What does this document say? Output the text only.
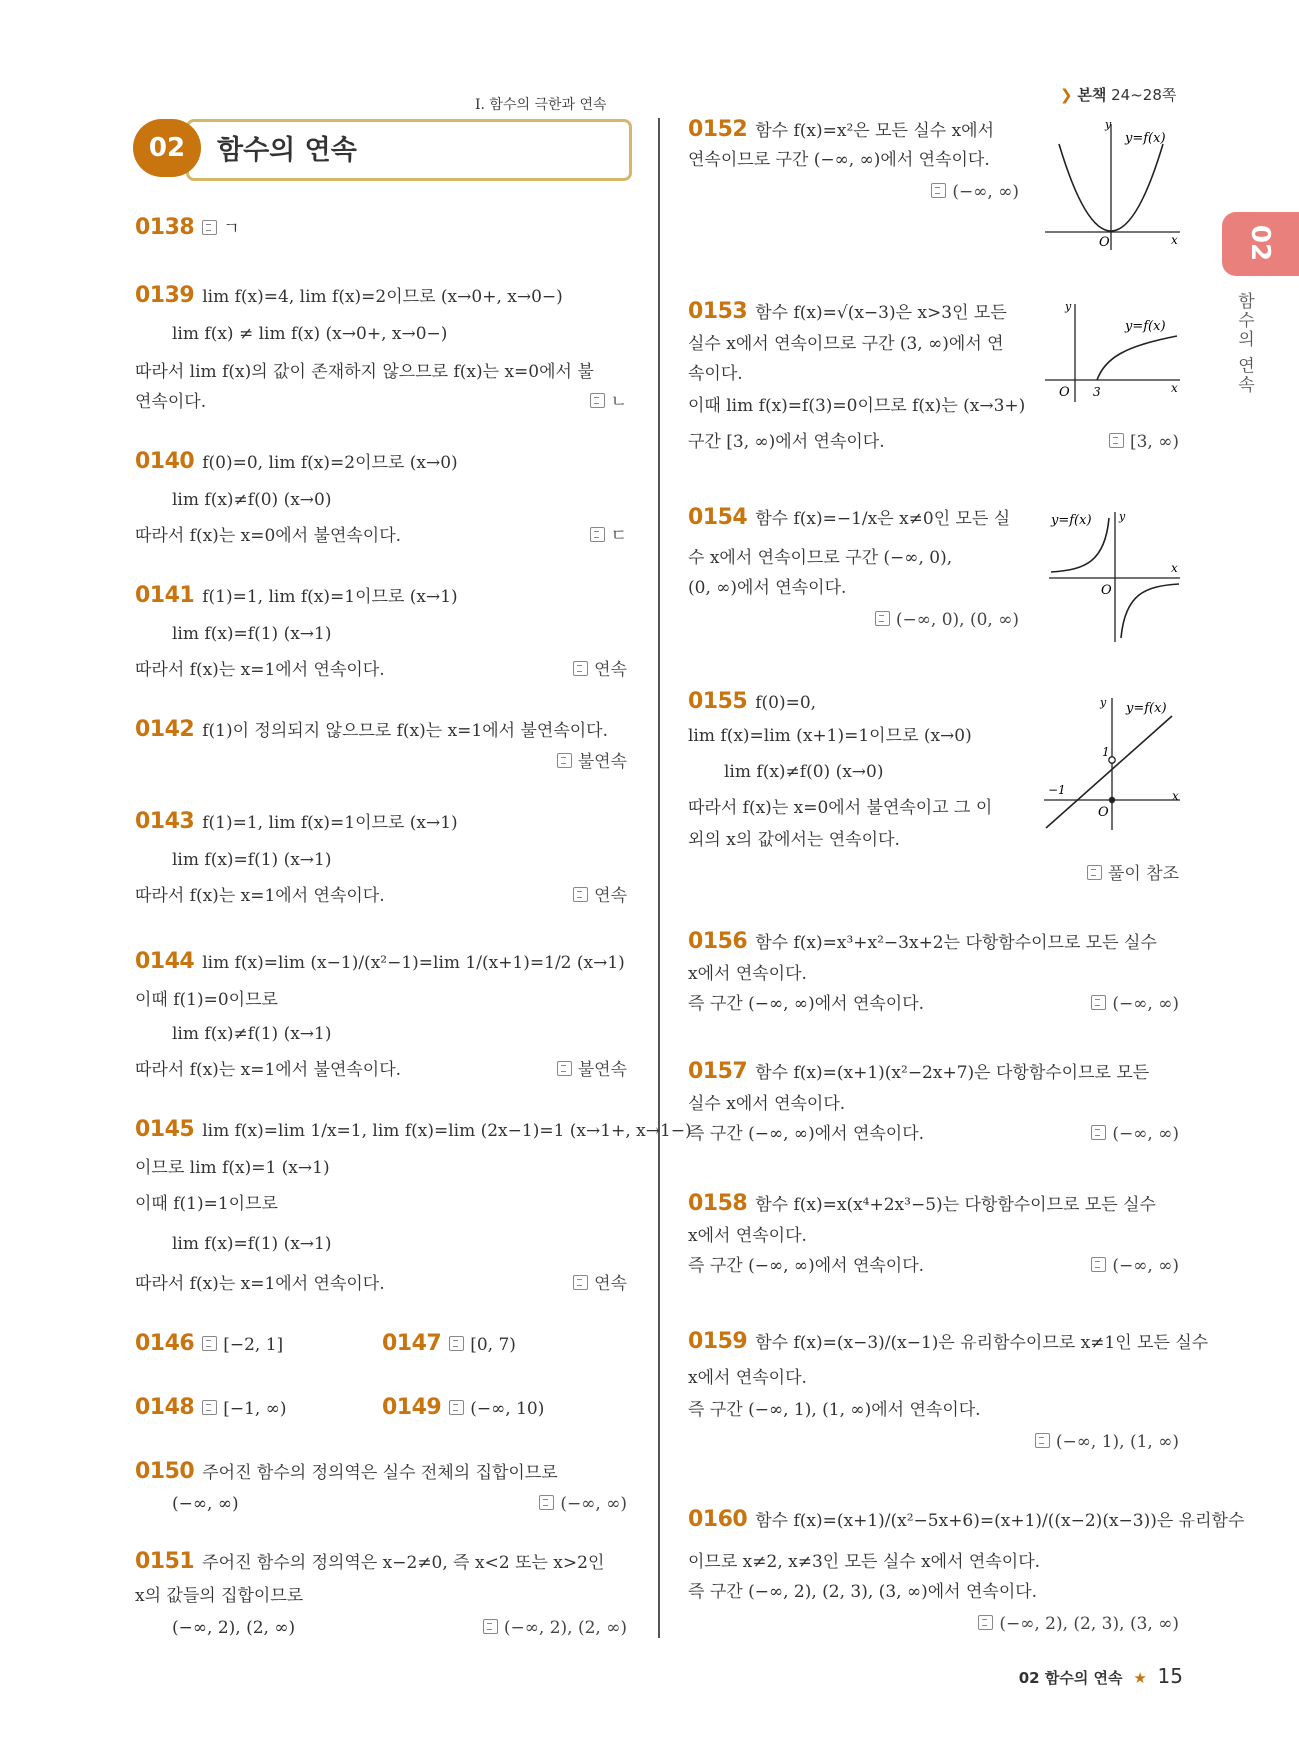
I. 함수의 극한과 연속
❯ 본책 24~28쪽
02	함수의 연속
02
함수의 연속
0138 ㄱ
0139 lim f(x)=4, lim f(x)=2이므로 (x→0+, x→0−)
lim f(x) ≠ lim f(x) (x→0+, x→0−)
따라서 lim f(x)의 값이 존재하지 않으므로 f(x)는 x=0에서 불
연속이다.	ㄴ
0140 f(0)=0, lim f(x)=2이므로 (x→0)
lim f(x)≠f(0) (x→0)
따라서 f(x)는 x=0에서 불연속이다.	ㄷ
0141 f(1)=1, lim f(x)=1이므로 (x→1)
lim f(x)=f(1) (x→1)
따라서 f(x)는 x=1에서 연속이다.	연속
0142 f(1)이 정의되지 않으므로 f(x)는 x=1에서 불연속이다.
불연속
0143 f(1)=1, lim f(x)=1이므로 (x→1)
lim f(x)=f(1) (x→1)
따라서 f(x)는 x=1에서 연속이다.	연속
0144 lim f(x)=lim (x−1)/(x²−1)=lim 1/(x+1)=1/2 (x→1)
이때 f(1)=0이므로
lim f(x)≠f(1) (x→1)
따라서 f(x)는 x=1에서 불연속이다.	불연속
0145 lim f(x)=lim 1/x=1, lim f(x)=lim (2x−1)=1 (x→1+, x→1−)
이므로 lim f(x)=1 (x→1)
이때 f(1)=1이므로
lim f(x)=f(1) (x→1)
따라서 f(x)는 x=1에서 연속이다.	연속
0146 [−2, 1]	0147 [0, 7)
0148 [−1, ∞)	0149 (−∞, 10)
0150 주어진 함수의 정의역은 실수 전체의 집합이므로
(−∞, ∞)	(−∞, ∞)
0151 주어진 함수의 정의역은 x−2≠0, 즉 x<2 또는 x>2인
x의 값들의 집합이므로
(−∞, 2), (2, ∞)	(−∞, 2), (2, ∞)
0152 함수 f(x)=x²은 모든 실수 x에서
연속이므로 구간 (−∞, ∞)에서 연속이다.
(−∞, ∞)
y
x
O
y=f(x)
0153 함수 f(x)=√(x−3)은 x>3인 모든
실수 x에서 연속이므로 구간 (3, ∞)에서 연
속이다.
이때 lim f(x)=f(3)=0이므로 f(x)는 (x→3+)
구간 [3, ∞)에서 연속이다.	[3, ∞)
y
x
O 3
y=f(x)
0154 함수 f(x)=−1/x은 x≠0인 모든 실
수 x에서 연속이므로 구간 (−∞, 0),
(0, ∞)에서 연속이다.
(−∞, 0), (0, ∞)
y
x
O
y=f(x)
0155 f(0)=0,
lim f(x)=lim (x+1)=1이므로 (x→0)
lim f(x)≠f(0) (x→0)
따라서 f(x)는 x=0에서 불연속이고 그 이
외의 x의 값에서는 연속이다.
풀이 참조
y
x
O
1
−1
y=f(x)
0156 함수 f(x)=x³+x²−3x+2는 다항함수이므로 모든 실수
x에서 연속이다.
즉 구간 (−∞, ∞)에서 연속이다.	(−∞, ∞)
0157 함수 f(x)=(x+1)(x²−2x+7)은 다항함수이므로 모든
실수 x에서 연속이다.
즉 구간 (−∞, ∞)에서 연속이다.	(−∞, ∞)
0158 함수 f(x)=x(x⁴+2x³−5)는 다항함수이므로 모든 실수
x에서 연속이다.
즉 구간 (−∞, ∞)에서 연속이다.	(−∞, ∞)
0159 함수 f(x)=(x−3)/(x−1)은 유리함수이므로 x≠1인 모든 실수
x에서 연속이다.
즉 구간 (−∞, 1), (1, ∞)에서 연속이다.
(−∞, 1), (1, ∞)
0160 함수 f(x)=(x+1)/(x²−5x+6)=(x+1)/((x−2)(x−3))은 유리함수
이므로 x≠2, x≠3인 모든 실수 x에서 연속이다.
즉 구간 (−∞, 2), (2, 3), (3, ∞)에서 연속이다.
(−∞, 2), (2, 3), (3, ∞)
02 함수의 연속 ★ 15
